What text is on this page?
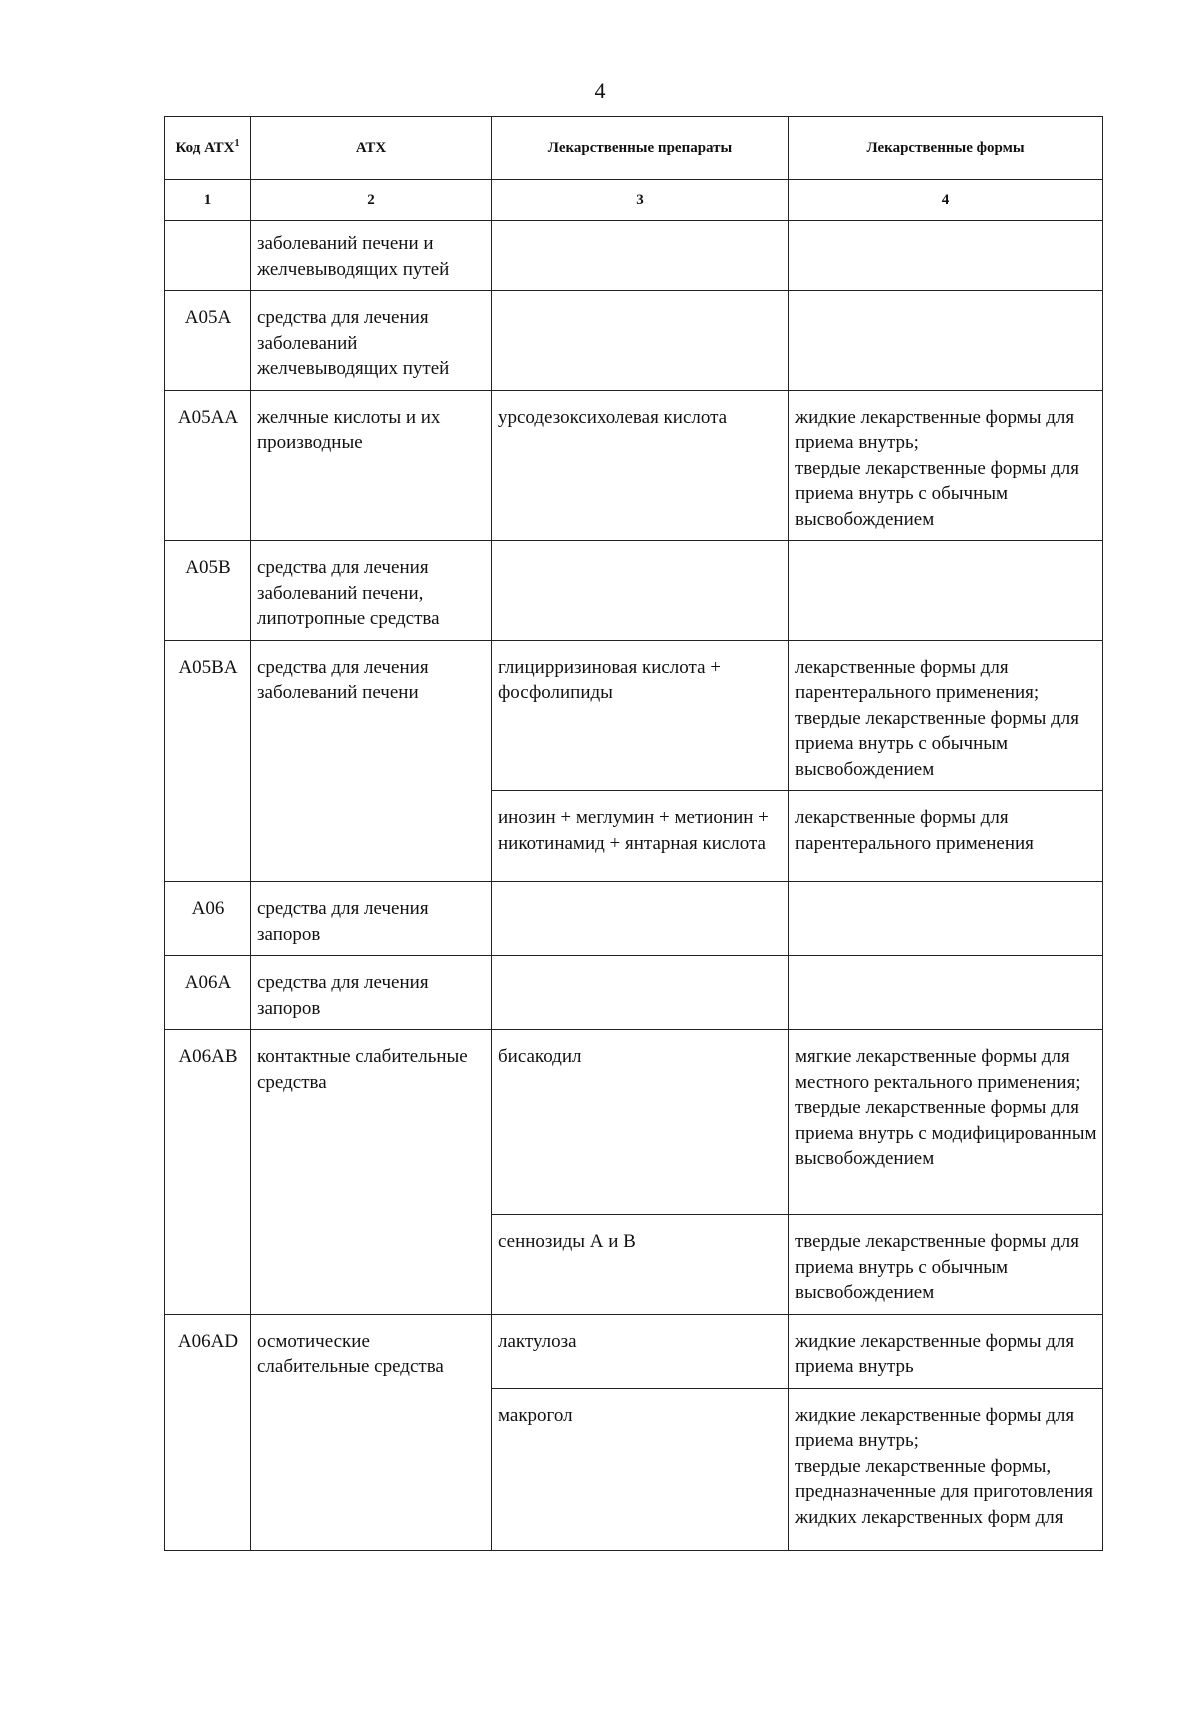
4
Код АТХ$^1$	АТХ	Лекарственные препараты	Лекарственные формы
1	2	3	4
	заболеваний печени и желчевыводящих путей		
A05A	средства для лечения заболеваний желчевыводящих путей		
A05AA	желчные кислоты и их производные	урсодезоксихолевая кислота	жидкие лекарственные формы для приема внутрь;
твердые лекарственные формы для приема внутрь с обычным высвобождением
A05B	средства для лечения заболеваний печени, липотропные средства		
A05BA	средства для лечения заболеваний печени	глицирризиновая кислота + фосфолипиды	лекарственные формы для парентерального применения;
твердые лекарственные формы для приема внутрь с обычным высвобождением
		инозин + меглумин + метионин + никотинамид + янтарная кислота	лекарственные формы для парентерального применения
A06	средства для лечения запоров		
A06A	средства для лечения запоров		
A06AB	контактные слабительные средства	бисакодил	мягкие лекарственные формы для местного ректального применения;
твердые лекарственные формы для приема внутрь с модифицированным высвобождением
		сеннозиды А и В	твердые лекарственные формы для приема внутрь с обычным высвобождением
A06AD	осмотические слабительные средства	лактулоза	жидкие лекарственные формы для приема внутрь
		макрогол	жидкие лекарственные формы для приема внутрь;
твердые лекарственные формы, предназначенные для приготовления жидких лекарственных форм для
